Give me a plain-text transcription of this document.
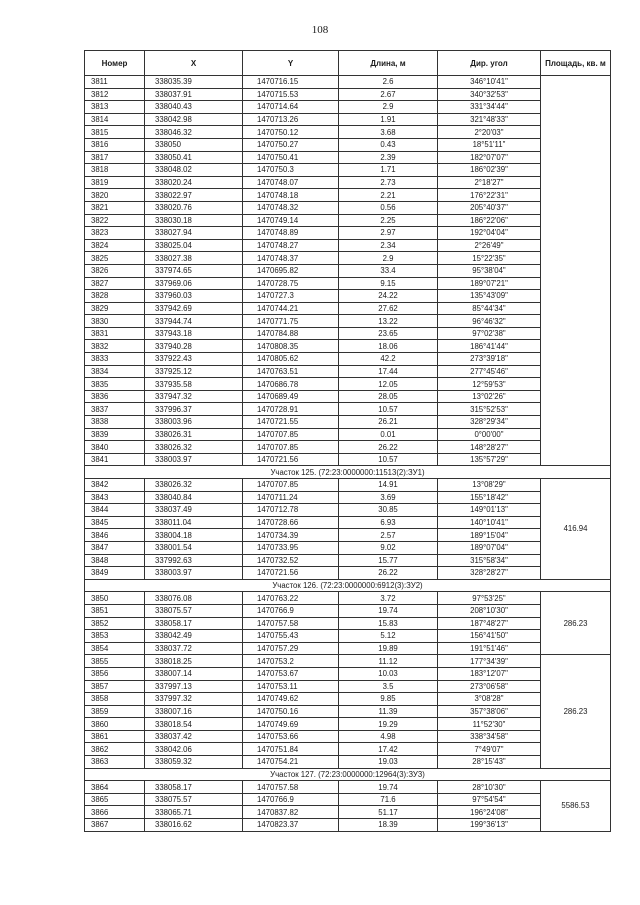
108
Номер	X	Y	Длина, м	Дир. угол	Площадь, кв. м
3811	338035.39	1470716.15	2.6	346°10'41"	
3812	338037.91	1470715.53	2.67	340°32'53"	
3813	338040.43	1470714.64	2.9	331°34'44"	
3814	338042.98	1470713.26	1.91	321°48'33"	
3815	338046.32	1470750.12	3.68	2°20'03"	
3816	338050	1470750.27	0.43	18°51'11"	
3817	338050.41	1470750.41	2.39	182°07'07"	
3818	338048.02	1470750.3	1.71	186°02'39"	
3819	338020.24	1470748.07	2.73	2°18'27"	
3820	338022.97	1470748.18	2.21	176°22'31"	
3821	338020.76	1470748.32	0.56	205°40'37"	
3822	338030.18	1470749.14	2.25	186°22'06"	
3823	338027.94	1470748.89	2.97	192°04'04"	
3824	338025.04	1470748.27	2.34	2°26'49"	
3825	338027.38	1470748.37	2.9	15°22'35"	
3826	337974.65	1470695.82	33.4	95°38'04"	
3827	337969.06	1470728.75	9.15	189°07'21"	
3828	337960.03	1470727.3	24.22	135°43'09"	
3829	337942.69	1470744.21	27.62	85°44'34"	
3830	337944.74	1470771.75	13.22	96°46'32"	
3831	337943.18	1470784.88	23.65	97°02'38"	
3832	337940.28	1470808.35	18.06	186°41'44"	
3833	337922.43	1470805.62	42.2	273°39'18"	
3834	337925.12	1470763.51	17.44	277°45'46"	
3835	337935.58	1470686.78	12.05	12°59'53"	
3836	337947.32	1470689.49	28.05	13°02'26"	
3837	337996.37	1470728.91	10.57	315°52'53"	
3838	338003.96	1470721.55	26.21	328°29'34"	
3839	338026.31	1470707.85	0.01	0°00'00"	
3840	338026.32	1470707.85	26.22	148°28'27"	
3841	338003.97	1470721.56	10.57	135°57'29"	
Участок 125. (72:23:0000000:11513(2):ЗУ1)					
3842	338026.32	1470707.85	14.91	13°08'29"	416.94
3843	338040.84	1470711.24	3.69	155°18'42"	
3844	338037.49	1470712.78	30.85	149°01'13"	
3845	338011.04	1470728.66	6.93	140°10'41"	
3846	338004.18	1470734.39	2.57	189°15'04"	
3847	338001.54	1470733.95	9.02	189°07'04"	
3848	337992.63	1470732.52	15.77	315°58'34"	
3849	338003.97	1470721.56	26.22	328°28'27"	
Участок 126. (72:23:0000000:6912(3):ЗУ2)					
3850	338076.08	1470763.22	3.72	97°53'25"	286.23
3851	338075.57	1470766.9	19.74	208°10'30"	
3852	338058.17	1470757.58	15.83	187°48'27"	
3853	338042.49	1470755.43	5.12	156°41'50"	
3854	338037.72	1470757.29	19.89	191°51'46"	
3855	338018.25	1470753.2	11.12	177°34'39"	286.23
3856	338007.14	1470753.67	10.03	183°12'07"	
3857	337997.13	1470753.11	3.5	273°06'58"	
3858	337997.32	1470749.62	9.85	3°08'28"	
3859	338007.16	1470750.16	11.39	357°38'06"	
3860	338018.54	1470749.69	19.29	11°52'30"	
3861	338037.42	1470753.66	4.98	338°34'58"	
3862	338042.06	1470751.84	17.42	7°49'07"	
3863	338059.32	1470754.21	19.03	28°15'43"	
Участок 127. (72:23:0000000:12964(3):ЗУ3)					
3864	338058.17	1470757.58	19.74	28°10'30"	5586.53
3865	338075.57	1470766.9	71.6	97°54'54"	
3866	338065.71	1470837.82	51.17	196°24'08"	
3867	338016.62	1470823.37	18.39	199°36'13"	
